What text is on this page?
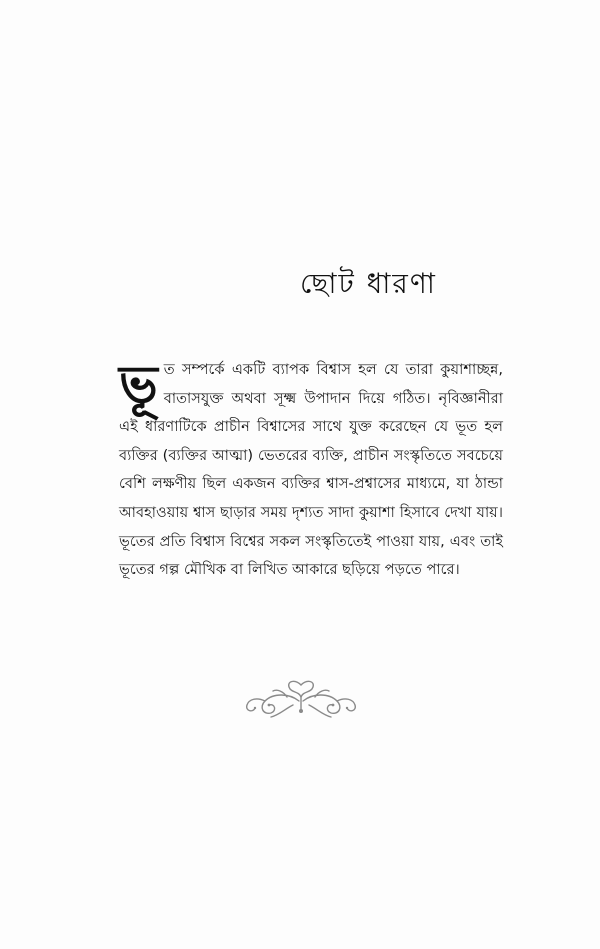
ছোট ধারণা
ভূত সম্পর্কে একটি ব্যাপক বিশ্বাস হল যে তারা কুয়াশাচ্ছন্ন, বাতাসযুক্ত অথবা সূক্ষ্ম উপাদান দিয়ে গঠিত। নৃবিজ্ঞানীরা এই ধারণাটিকে প্রাচীন বিশ্বাসের সাথে যুক্ত করেছেন যে ভূত হল ব্যক্তির (ব্যক্তির আত্মা) ভেতরের ব্যক্তি, প্রাচীন সংস্কৃতিতে সবচেয়ে বেশি লক্ষণীয় ছিল একজন ব্যক্তির শ্বাস-প্রশ্বাসের মাধ্যমে, যা ঠান্ডা আবহাওয়ায় শ্বাস ছাড়ার সময় দৃশ্যত সাদা কুয়াশা হিসাবে দেখা যায়। ভূতের প্রতি বিশ্বাস বিশ্বের সকল সংস্কৃতিতেই পাওয়া যায়, এবং তাই ভূতের গল্প মৌখিক বা লিখিত আকারে ছড়িয়ে পড়তে পারে।
